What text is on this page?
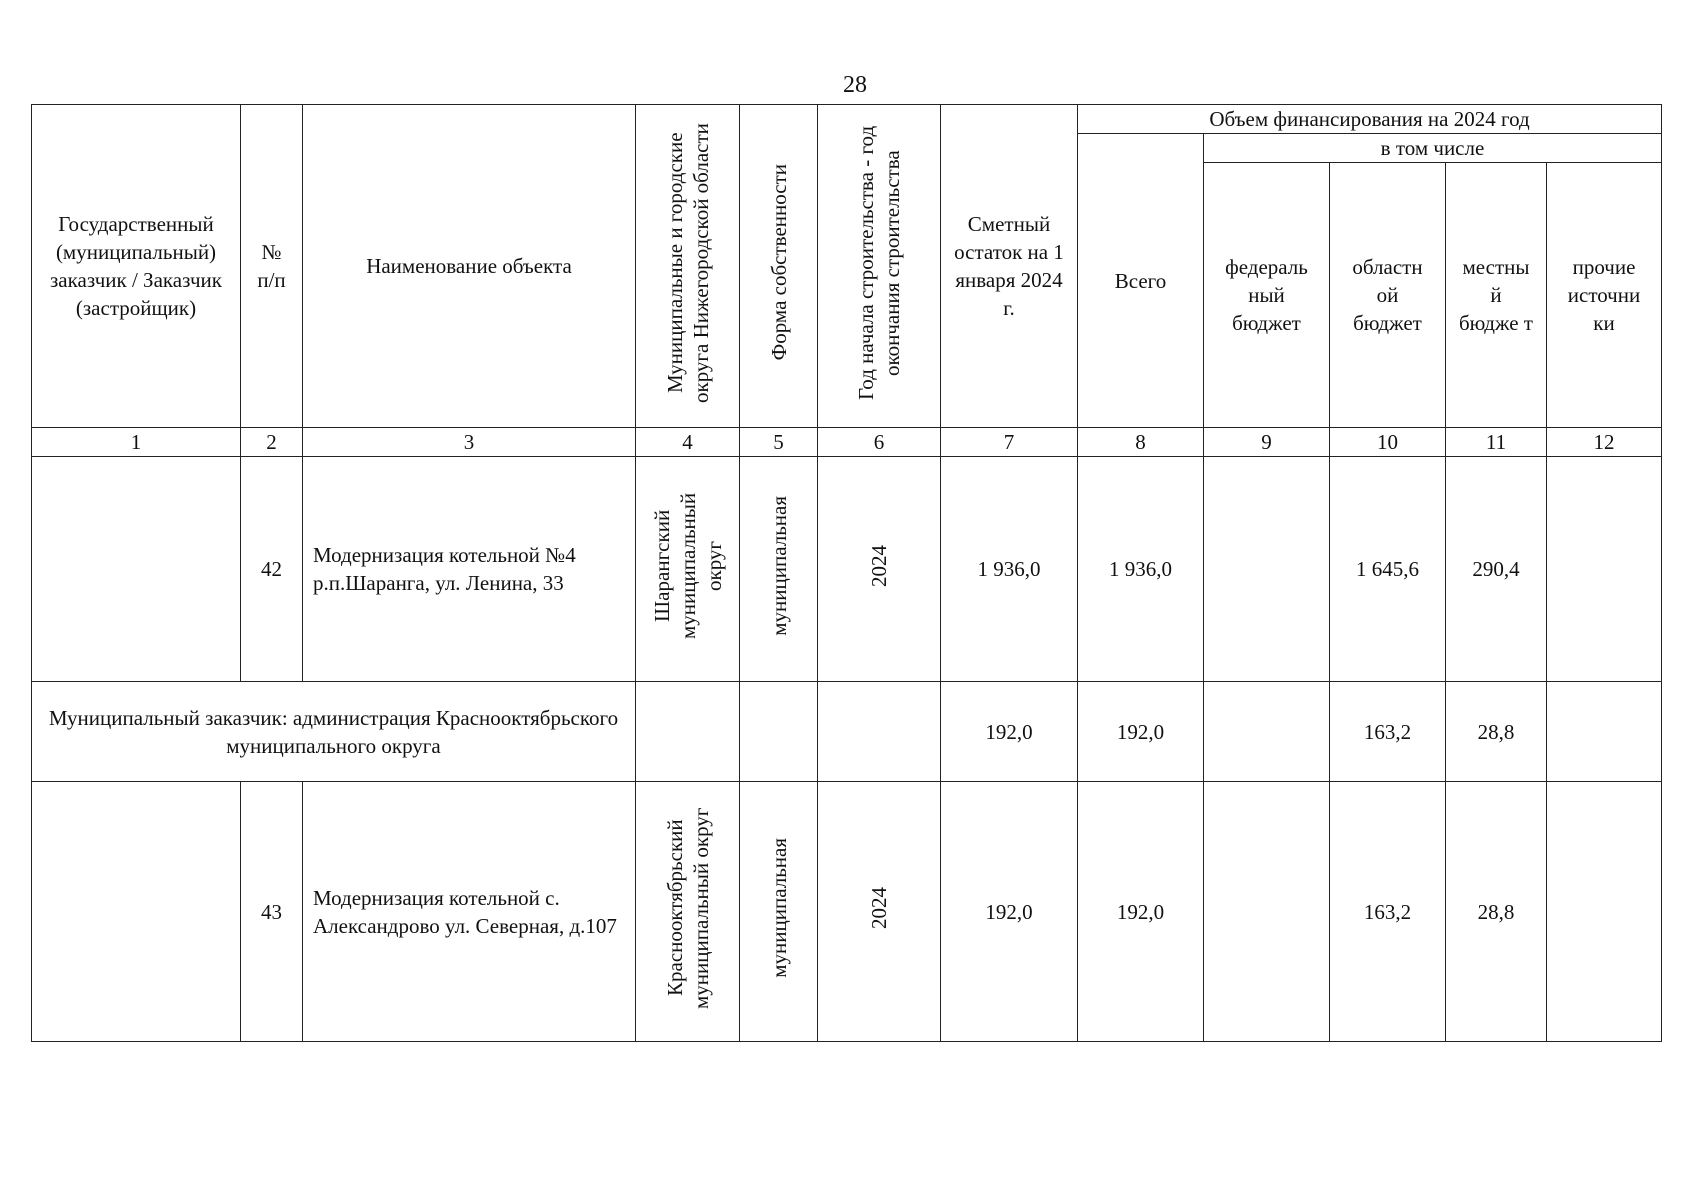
28
Государственный (муниципальный) заказчик / Заказчик (застройщик)	№ п/п	Наименование объекта	Муниципальные и городские округа Нижегородской области	Форма собственности	Год начала строительства - год окончания строительства	Сметный остаток на 1 января 2024 г.	Объем финансирования на 2024 год				
							Всего	в том числе			
								федераль ный бюджет	областн ой бюджет	местны й бюдже т	прочие источни ки
1	2	3	4	5	6	7	8	9	10	11	12
	42	Модернизация котельной №4 р.п.Шаранга, ул. Ленина, 33	Шарангский муниципальный округ	муниципальная	2024	1 936,0	1 936,0		1 645,6	290,4	
Муниципальный заказчик: администрация Краснооктябрьского муниципального округа						192,0	192,0		163,2	28,8	
	43	Модернизация котельной с. Александрово ул. Северная, д.107	Краснооктябрьский муниципальный округ	муниципальная	2024	192,0	192,0		163,2	28,8	
